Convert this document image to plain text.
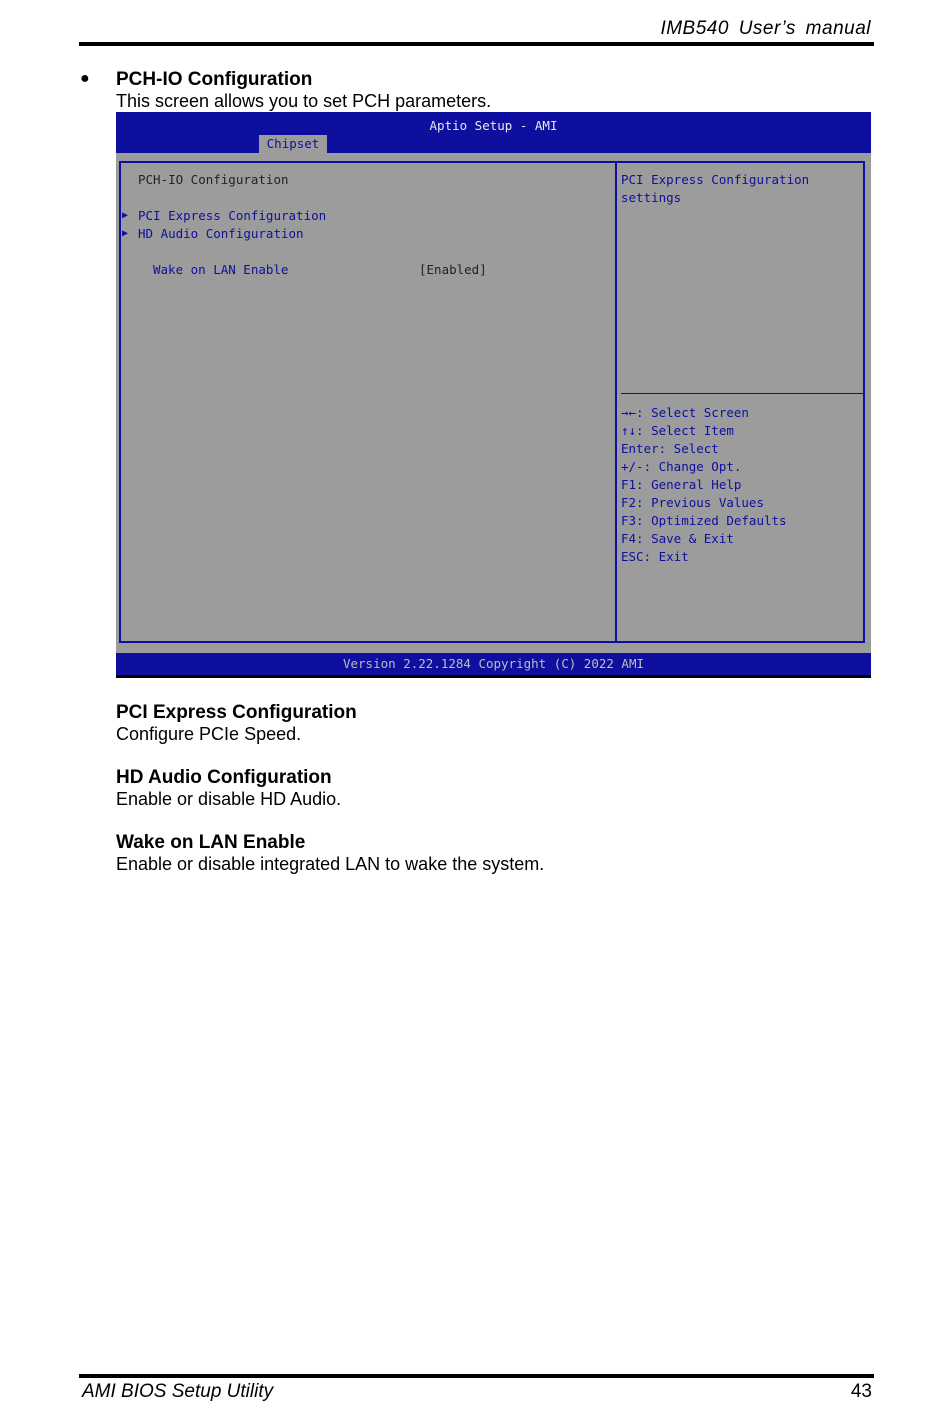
IMB540 User’s manual
● PCH-IO Configuration
This screen allows you to set PCH parameters.
Aptio Setup - AMI
Chipset
PCH-IO Configuration
▶ PCI Express Configuration
▶ HD Audio Configuration
Wake on LAN Enable	[Enabled]
PCI Express Configuration
settings
→←: Select Screen
↑↓: Select Item
Enter: Select
+/-: Change Opt.
F1: General Help
F2: Previous Values
F3: Optimized Defaults
F4: Save & Exit
ESC: Exit
Version 2.22.1284 Copyright (C) 2022 AMI
PCI Express Configuration
Configure PCIe Speed.
HD Audio Configuration
Enable or disable HD Audio.
Wake on LAN Enable
Enable or disable integrated LAN to wake the system.
AMI BIOS Setup Utility	43
